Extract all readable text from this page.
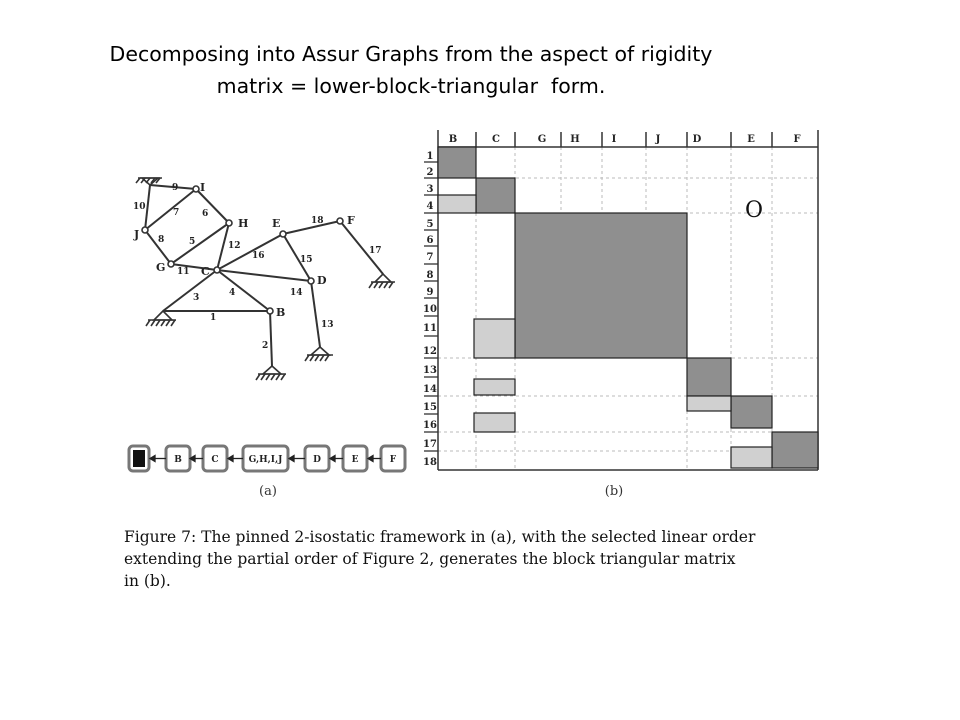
Decomposing into Assur Graphs from the aspect of rigidity
matrix = lower-block-triangular  form.
I
H E	F
J
G	C
D
B
1
2
3	4
5
6
7
8
9
10
11
12
13
14
15
16	17
18
B	C	G,H,I,J	D	E	F
(a)
B	C	G H	I	J	D	E	F
1
2
3
4
5
6
7
8
9
10
11
12
13
14
15
16
17
18
O
(b)
Figure 7: The pinned 2-isostatic framework in (a), with the selected linear order
extending the partial order of Figure 2, generates the block triangular matrix
in (b).
